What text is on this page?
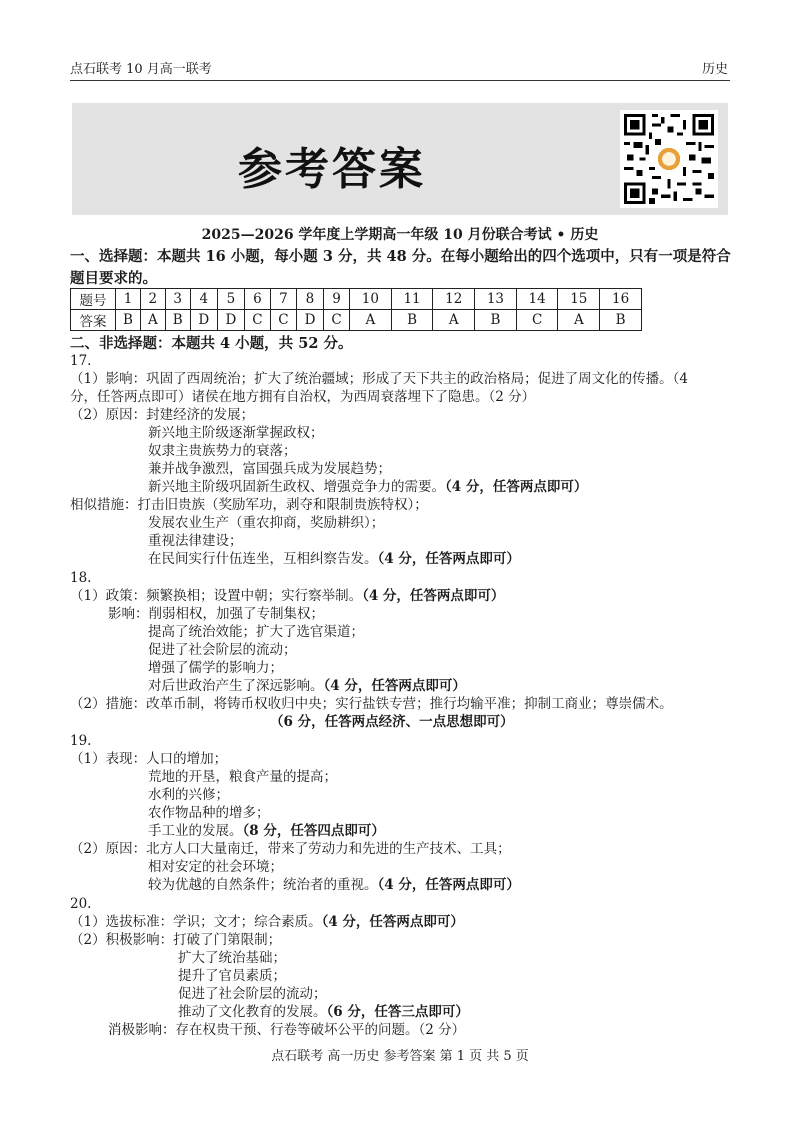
点石联考 10 月高一联考	历史
参考答案
2025—2026 学年度上学期高一年级 10 月份联合考试 • 历史
一、选择题：本题共 16 小题，每小题 3 分，共 48 分。在每小题给出的四个选项中，只有一项是符合题目要求的。
题号	1	2	3	4	5	6	7	8	9	10	11	12	13	14	15	16
答案	B	A	B	D	D	C	C	D	C	A	B	A	B	C	A	B
二、非选择题：本题共 4 小题，共 52 分。
17.
（1）影响：巩固了西周统治；扩大了统治疆域；形成了天下共主的政治格局；促进了周文化的传播。（4
分，任答两点即可）诸侯在地方拥有自治权，为西周衰落埋下了隐患。（2 分）
（2）原因：封建经济的发展；
新兴地主阶级逐渐掌握政权；
奴隶主贵族势力的衰落；
兼并战争激烈，富国强兵成为发展趋势；
新兴地主阶级巩固新生政权、增强竞争力的需要。（4 分，任答两点即可）
相似措施：打击旧贵族（奖励军功，剥夺和限制贵族特权）；
发展农业生产（重农抑商，奖励耕织）；
重视法律建设；
在民间实行什伍连坐，互相纠察告发。（4 分，任答两点即可）
18.
（1）政策：频繁换相；设置中朝；实行察举制。（4 分，任答两点即可）
影响：削弱相权，加强了专制集权；
提高了统治效能；扩大了选官渠道；
促进了社会阶层的流动；
增强了儒学的影响力；
对后世政治产生了深远影响。（4 分，任答两点即可）
（2）措施：改革币制，将铸币权收归中央；实行盐铁专营；推行均输平准；抑制工商业；尊崇儒术。
（6 分，任答两点经济、一点思想即可）
19.
（1）表现：人口的增加；
荒地的开垦，粮食产量的提高；
水利的兴修；
农作物品种的增多；
手工业的发展。（8 分，任答四点即可）
（2）原因：北方人口大量南迁，带来了劳动力和先进的生产技术、工具；
相对安定的社会环境；
较为优越的自然条件；统治者的重视。（4 分，任答两点即可）
20.
（1）选拔标准：学识；文才；综合素质。（4 分，任答两点即可）
（2）积极影响：打破了门第限制；
扩大了统治基础；
提升了官员素质；
促进了社会阶层的流动；
推动了文化教育的发展。（6 分，任答三点即可）
消极影响：存在权贵干预、行卷等破坏公平的问题。（2 分）
点石联考 高一历史 参考答案 第 1 页 共 5 页
